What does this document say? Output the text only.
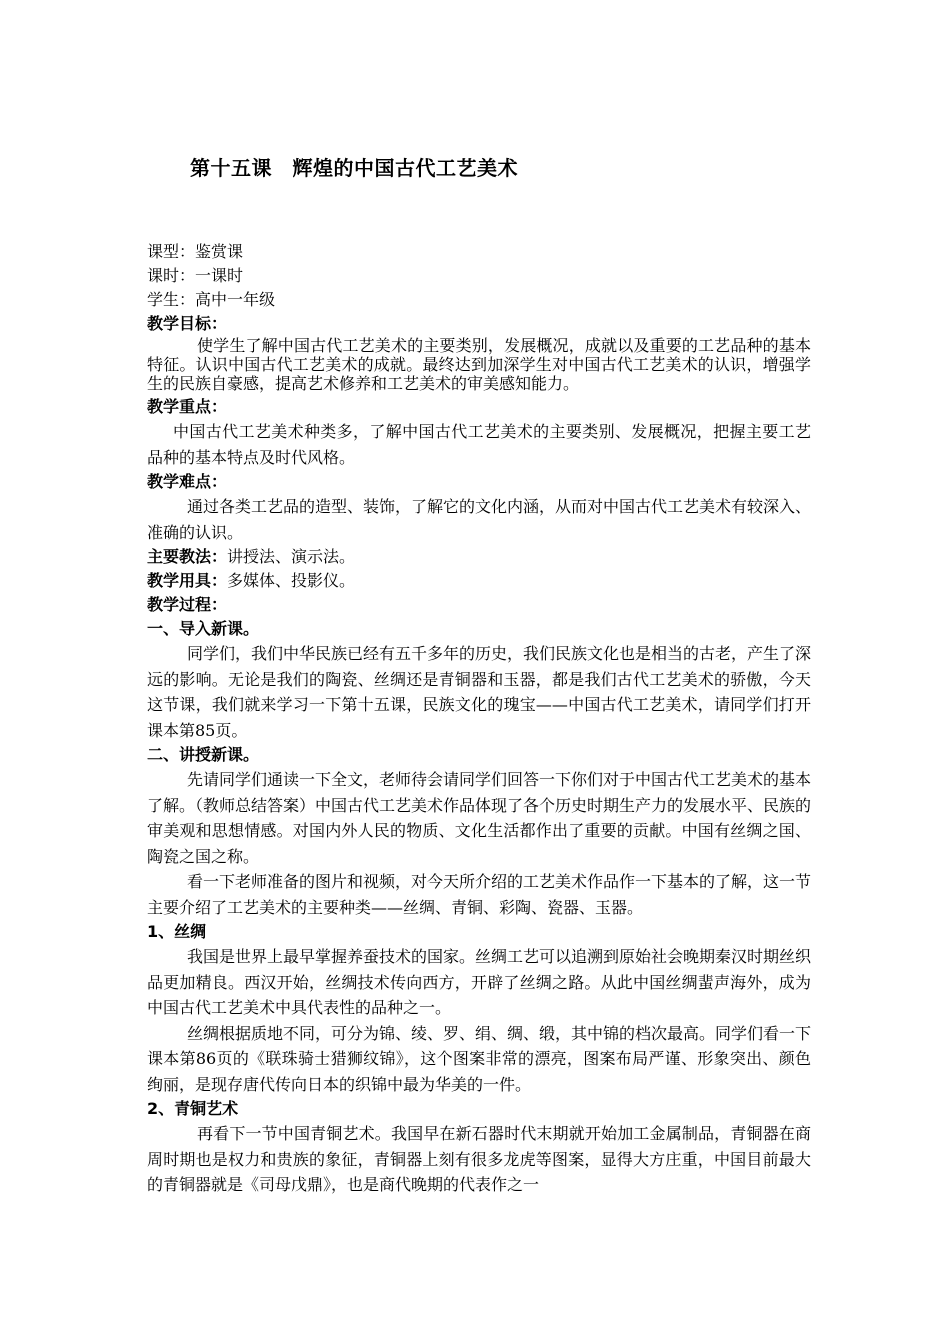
第十五课　辉煌的中国古代工艺美术
课型：鉴赏课
课时：一课时
学生：高中一年级
教学目标：
使学生了解中国古代工艺美术的主要类别，发展概况，成就以及重要的工艺品种的基本特征。认识中国古代工艺美术的成就。最终达到加深学生对中国古代工艺美术的认识，增强学生的民族自豪感，提高艺术修养和工艺美术的审美感知能力。
教学重点：
中国古代工艺美术种类多，了解中国古代工艺美术的主要类别、发展概况，把握主要工艺品种的基本特点及时代风格。
教学难点：
通过各类工艺品的造型、装饰，了解它的文化内涵，从而对中国古代工艺美术有较深入、准确的认识。
主要教法：讲授法、演示法。
教学用具：多媒体、投影仪。
教学过程：
一、导入新课。
同学们，我们中华民族已经有五千多年的历史，我们民族文化也是相当的古老，产生了深远的影响。无论是我们的陶瓷、丝绸还是青铜器和玉器，都是我们古代工艺美术的骄傲，今天这节课，我们就来学习一下第十五课，民族文化的瑰宝——中国古代工艺美术，请同学们打开课本第85页。
二、讲授新课。
先请同学们通读一下全文，老师待会请同学们回答一下你们对于中国古代工艺美术的基本了解。（教师总结答案）中国古代工艺美术作品体现了各个历史时期生产力的发展水平、民族的审美观和思想情感。对国内外人民的物质、文化生活都作出了重要的贡献。中国有丝绸之国、陶瓷之国之称。
看一下老师准备的图片和视频，对今天所介绍的工艺美术作品作一下基本的了解，这一节主要介绍了工艺美术的主要种类——丝绸、青铜、彩陶、瓷器、玉器。
1、丝绸
我国是世界上最早掌握养蚕技术的国家。丝绸工艺可以追溯到原始社会晚期秦汉时期丝织品更加精良。西汉开始，丝绸技术传向西方，开辟了丝绸之路。从此中国丝绸蜚声海外，成为中国古代工艺美术中具代表性的品种之一。
丝绸根据质地不同，可分为锦、绫、罗、绢、绸、缎，其中锦的档次最高。同学们看一下课本第86页的《联珠骑士猎狮纹锦》，这个图案非常的漂亮，图案布局严谨、形象突出、颜色绚丽，是现存唐代传向日本的织锦中最为华美的一件。
2、青铜艺术
再看下一节中国青铜艺术。我国早在新石器时代末期就开始加工金属制品，青铜器在商周时期也是权力和贵族的象征，青铜器上刻有很多龙虎等图案，显得大方庄重，中国目前最大的青铜器就是《司母戊鼎》，也是商代晚期的代表作之一
